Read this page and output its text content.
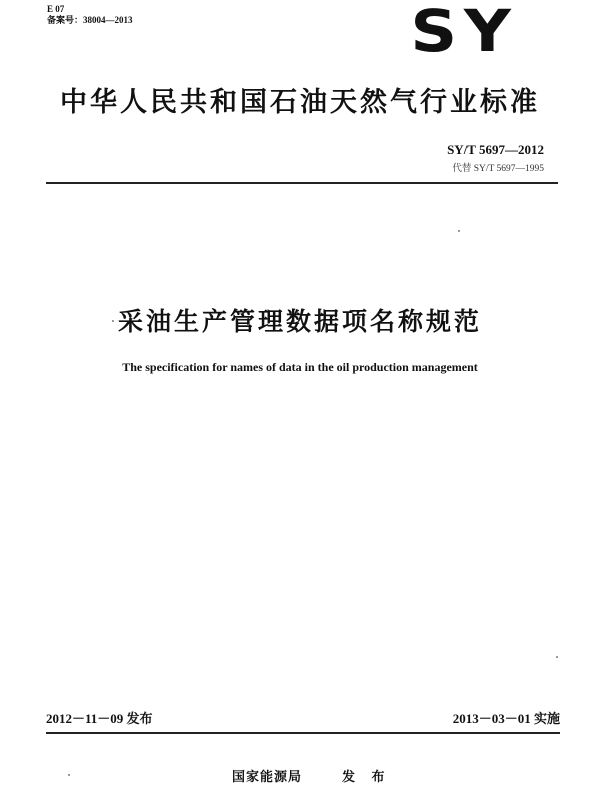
E 07
备案号：38004—2013	SY
中华人民共和国石油天然气行业标准
SY/T 5697—2012
代替 SY/T 5697—1995
采油生产管理数据项名称规范
The specification for names of data in the oil production management
2012－11－09 发布	2013－03－01 实施
国家能源局	发 布
